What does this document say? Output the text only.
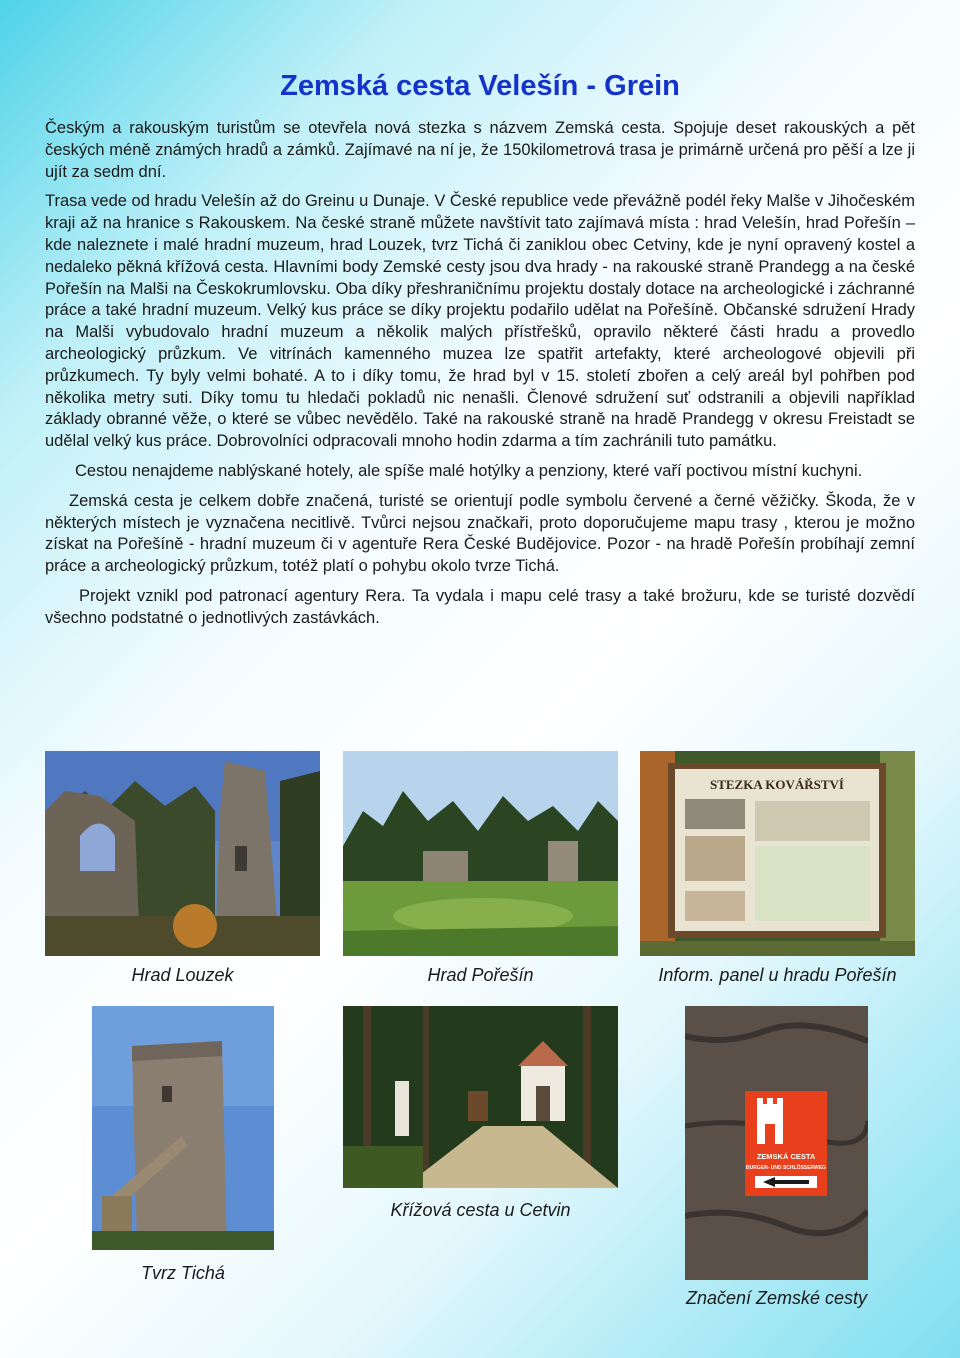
Zemská cesta Velešín - Grein

Českým a rakouským turistům se otevřela nová stezka s názvem Zemská cesta. Spojuje deset rakouských a pět českých méně známých hradů a zámků. Zajímavé na ní je, že 150kilometrová trasa je primárně určená pro pěší a lze ji ujít za sedm dní.

Trasa vede od hradu Velešín až do Greinu u Dunaje. V České republice vede převážně podél řeky Malše v Jihočeském kraji až na hranice s Rakouskem. Na české straně můžete navštívit tato zajímavá místa : hrad Velešín, hrad Pořešín – kde naleznete i malé hradní muzeum, hrad Louzek, tvrz Tichá či zaniklou obec Cetviny, kde je nyní opravený kostel a nedaleko pěkná křížová cesta. Hlavními body Zemské cesty jsou dva hrady - na rakouské straně Prandegg a na české Pořešín na Malši na Českokrumlovsku. Oba díky přeshraničnímu projektu dostaly dotace na archeologické i záchranné práce a také hradní muzeum. Velký kus práce se díky projektu podařilo udělat na Pořešíně. Občanské sdružení Hrady na Malši vybudovalo hradní muzeum a několik malých přístřešků, opravilo některé části hradu a provedlo archeologický průzkum. Ve vitrínách kamenného muzea lze spatřit artefakty, které archeologové objevili při průzkumech. Ty byly velmi bohaté. A to i díky tomu, že hrad byl v 15. století zbořen a celý areál byl pohřben pod několika metry suti. Díky tomu tu hledači pokladů nic nenašli. Členové sdružení suť odstranili a objevili například základy obranné věže, o které se vůbec nevědělo. Také na rakouské straně na hradě Prandegg v okresu Freistadt se udělal velký kus práce. Dobrovolníci odpracovali mnoho hodin zdarma a tím zachránili tuto památku.

Cestou nenajdeme nablýskané hotely, ale spíše malé hotýlky a penziony, které vaří poctivou místní kuchyni.

Zemská cesta je celkem dobře značená, turisté se orientují podle symbolu červené a černé věžičky. Škoda, že v některých místech je vyznačena necitlivě. Tvůrci nejsou značkaři, proto doporučujeme mapu trasy , kterou je možno získat na Pořešíně - hradní muzeum či v agentuře Rera České Budějovice. Pozor - na hradě Pořešín probíhají zemní práce a archeologický průzkum, totéž platí o pohybu okolo tvrze Tichá.

Projekt vznikl pod patronací agentury Rera. Ta vydala i mapu celé trasy a také brožuru, kde se turisté dozvědí všechno podstatné o jednotlivých zastávkách.

Hrad Louzek	Hrad Pořešín
STEZKA KOVÁŘSTVÍ
Inform. panel u hradu Pořešín
Tvrz Tichá
Křížová cesta u Cetvin
ZEMSKÁ CESTA
BURGEN- UND SCHLÖSSERWEG
Značení Zemské cesty
